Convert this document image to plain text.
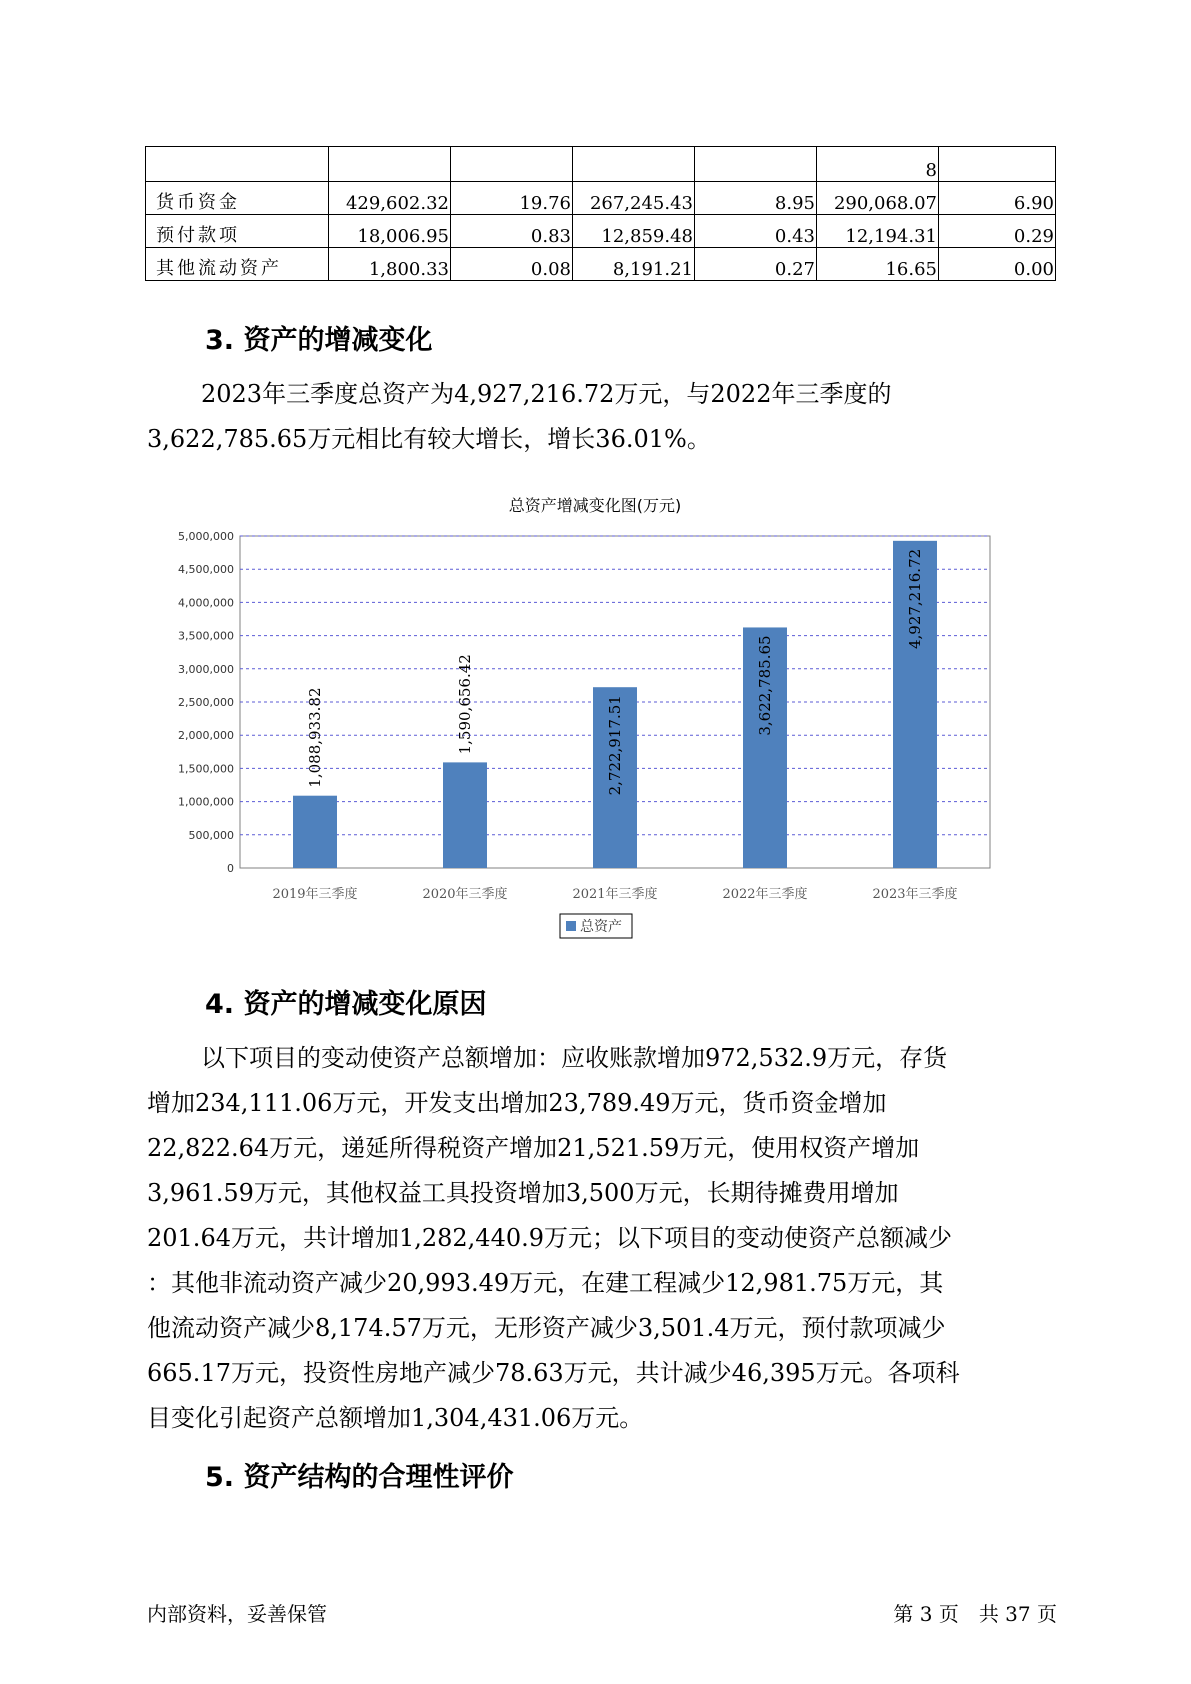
					8	
货币资金	429,602.32	19.76	267,245.43	8.95	290,068.07	6.90
预付款项	18,006.95	0.83	12,859.48	0.43	12,194.31	0.29
其他流动资产	1,800.33	0.08	8,191.21	0.27	16.65	0.00
3. 资产的增减变化
2023年三季度总资产为4,927,216.72万元，与2022年三季度的
3,622,785.65万元相比有较大增长，增长36.01%。
总资产增减变化图(万元)
0
500,000
1,000,000
1,500,000
2,000,000
2,500,000
3,000,000
3,500,000
4,000,000
4,500,000
5,000,000
1,088,933.82	1,590,656.42	2,722,917.51
3,622,785.65
4,927,216.72
2019年三季度	2020年三季度	2021年三季度	2022年三季度	2023年三季度
总资产
4. 资产的增减变化原因
以下项目的变动使资产总额增加：应收账款增加972,532.9万元，存货
增加234,111.06万元，开发支出增加23,789.49万元，货币资金增加
22,822.64万元，递延所得税资产增加21,521.59万元，使用权资产增加
3,961.59万元，其他权益工具投资增加3,500万元，长期待摊费用增加
201.64万元，共计增加1,282,440.9万元；以下项目的变动使资产总额减少
：其他非流动资产减少20,993.49万元，在建工程减少12,981.75万元，其
他流动资产减少8,174.57万元，无形资产减少3,501.4万元，预付款项减少
665.17万元，投资性房地产减少78.63万元，共计减少46,395万元。各项科
目变化引起资产总额增加1,304,431.06万元。
5. 资产结构的合理性评价
内部资料，妥善保管	第 3 页　共 37 页
